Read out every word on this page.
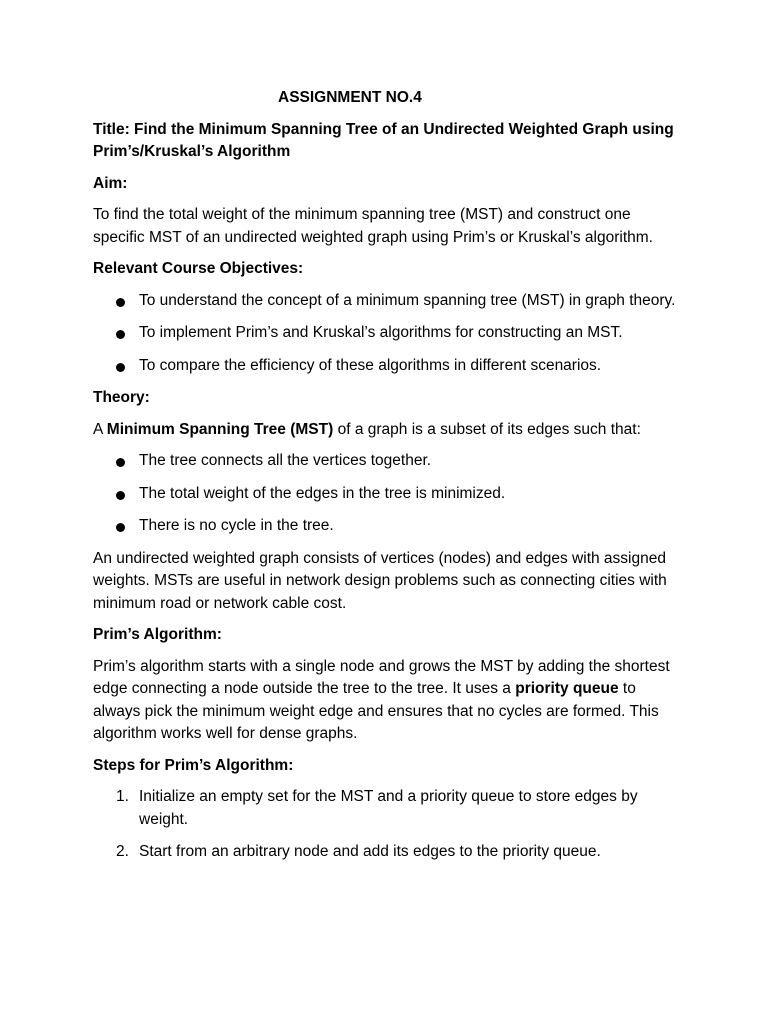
ASSIGNMENT NO.4

Title: Find the Minimum Spanning Tree of an Undirected Weighted Graph using Prim’s/Kruskal’s Algorithm

Aim:

To find the total weight of the minimum spanning tree (MST) and construct one specific MST of an undirected weighted graph using Prim’s or Kruskal’s algorithm.

Relevant Course Objectives:

To understand the concept of a minimum spanning tree (MST) in graph theory.
To implement Prim’s and Kruskal’s algorithms for constructing an MST.
To compare the efficiency of these algorithms in different scenarios.

Theory:

A Minimum Spanning Tree (MST) of a graph is a subset of its edges such that:

The tree connects all the vertices together.
The total weight of the edges in the tree is minimized.
There is no cycle in the tree.

An undirected weighted graph consists of vertices (nodes) and edges with assigned weights. MSTs are useful in network design problems such as connecting cities with minimum road or network cable cost.

Prim’s Algorithm:

Prim’s algorithm starts with a single node and grows the MST by adding the shortest edge connecting a node outside the tree to the tree. It uses a priority queue to always pick the minimum weight edge and ensures that no cycles are formed. This algorithm works well for dense graphs.

Steps for Prim’s Algorithm:

1. Initialize an empty set for the MST and a priority queue to store edges by weight.
2. Start from an arbitrary node and add its edges to the priority queue.
